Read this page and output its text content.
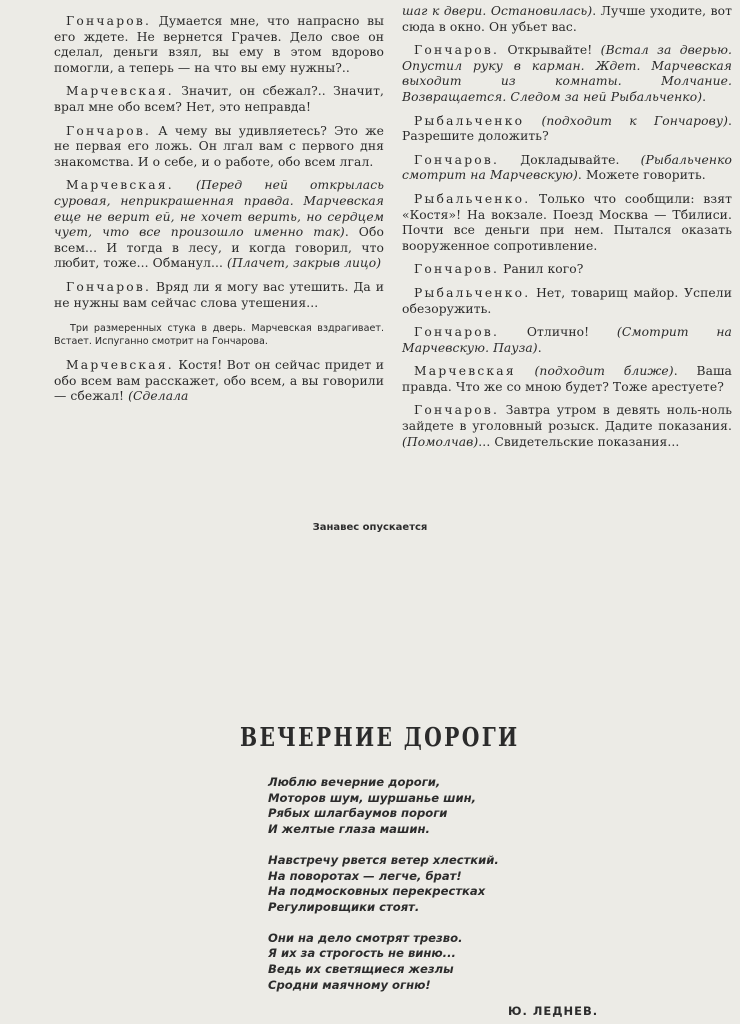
Гончаров. Думается мне, что напрасно вы его ждете. Не вернется Грачев. Дело свое он сделал, деньги взял, вы ему в этом вдорово помогли, а теперь — на что вы ему нужны?..

Марчевская. Значит, он сбежал?.. Значит, врал мне обо всем? Нет, это неправда!

Гончаров. А чему вы удивляетесь? Это же не первая его ложь. Он лгал вам с первого дня знакомства. И о себе, и о работе, обо всем лгал.

Марчевская. (Перед ней открылась суровая, неприкрашенная правда. Марчевская еще не верит ей, не хочет верить, но сердцем чует, что все произошло именно так). Обо всем... И тогда в лесу, и когда говорил, что любит, тоже... Обманул... (Плачет, закрыв лицо)

Гончаров. Вряд ли я могу вас утешить. Да и не нужны вам сейчас слова утешения...

Три размеренных стука в дверь. Марчевская вздрагивает. Встает. Испуганно смотрит на Гончарова.

Марчевская. Костя! Вот он сейчас придет и обо всем вам расскажет, обо всем, а вы говорили — сбежал! (Сделала

шаг к двери. Остановилась). Лучше уходите, вот сюда в окно. Он убьет вас.

Гончаров. Открывайте! (Встал за дверью. Опустил руку в карман. Ждет. Марчевская выходит из комнаты. Молчание. Возвращается. Следом за ней Рыбальченко).

Рыбальченко (подходит к Гончарову). Разрешите доложить?

Гончаров. Докладывайте. (Рыбальченко смотрит на Марчевскую). Можете говорить.

Рыбальченко. Только что сообщили: взят «Костя»! На вокзале. Поезд Москва — Тбилиси. Почти все деньги при нем. Пытался оказать вооруженное сопротивление.

Гончаров. Ранил кого?

Рыбальченко. Нет, товарищ майор. Успели обезоружить.

Гончаров. Отлично! (Смотрит на Марчевскую. Пауза).

Марчевская (подходит ближе). Ваша правда. Что же со мною будет? Тоже арестуете?

Гончаров. Завтра утром в девять ноль-ноль зайдете в уголовный розыск. Дадите показания. (Помолчав)... Свидетельские показания...

Занавес опускается
ВЕЧЕРНИЕ ДОРОГИ
Люблю вечерние дороги,
Моторов шум, шуршанье шин,
Рябых шлагбаумов пороги
И желтые глаза машин.
Навстречу рвется ветер хлесткий.
На поворотах — легче, брат!
На подмосковных перекрестках
Регулировщики стоят.
Они на дело смотрят трезво.
Я их за строгость не виню...
Ведь их светящиеся жезлы
Сродни маячному огню!
Ю. ЛЕДНЕВ.
